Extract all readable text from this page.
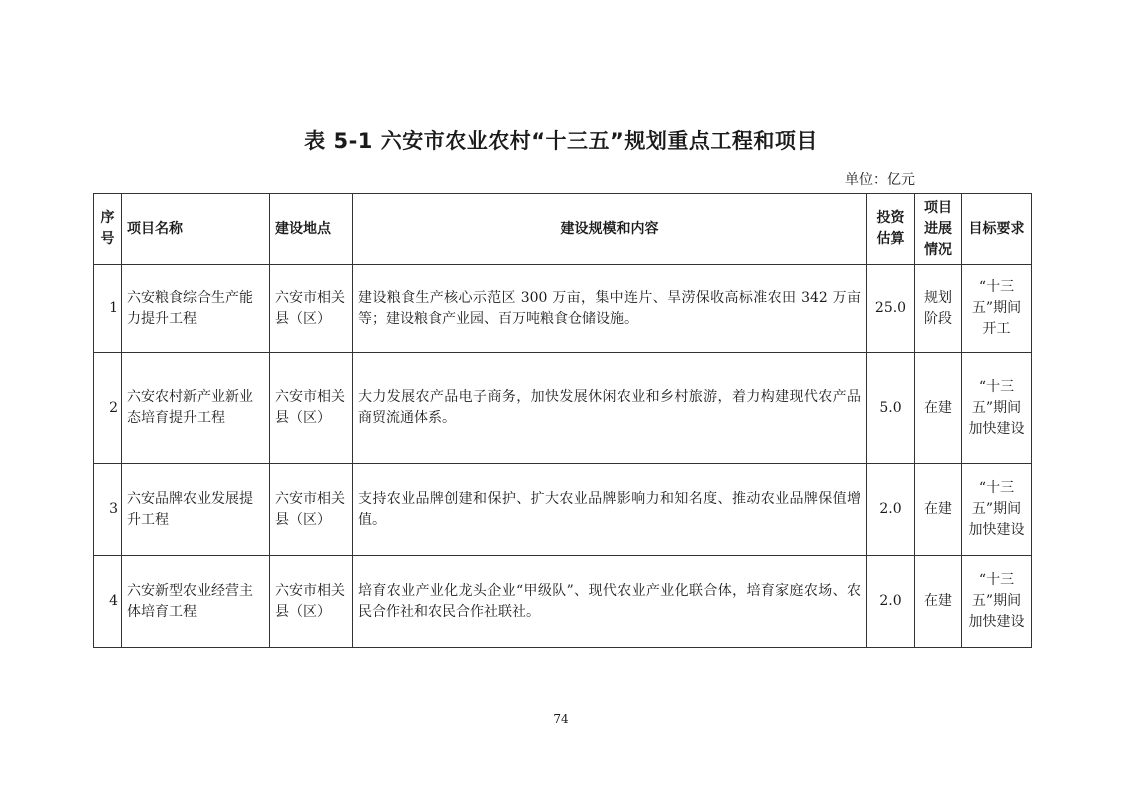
表 5-1 六安市农业农村“十三五”规划重点工程和项目
单位：亿元
序号	项目名称	建设地点	建设规模和内容	投资估算	项目进展情况	目标要求
1	六安粮食综合生产能力提升工程	六安市相关县（区）	建设粮食生产核心示范区 300 万亩，集中连片、旱涝保收高标准农田 342 万亩等；建设粮食产业园、百万吨粮食仓储设施。	25.0	规划阶段	“十三五”期间开工
2	六安农村新产业新业态培育提升工程	六安市相关县（区）	大力发展农产品电子商务，加快发展休闲农业和乡村旅游，着力构建现代农产品商贸流通体系。	5.0	在建	“十三五”期间加快建设
3	六安品牌农业发展提升工程	六安市相关县（区）	支持农业品牌创建和保护、扩大农业品牌影响力和知名度、推动农业品牌保值增值。	2.0	在建	“十三五”期间加快建设
4	六安新型农业经营主体培育工程	六安市相关县（区）	培育农业产业化龙头企业“甲级队”、现代农业产业化联合体，培育家庭农场、农民合作社和农民合作社联社。	2.0	在建	“十三五”期间加快建设
74
